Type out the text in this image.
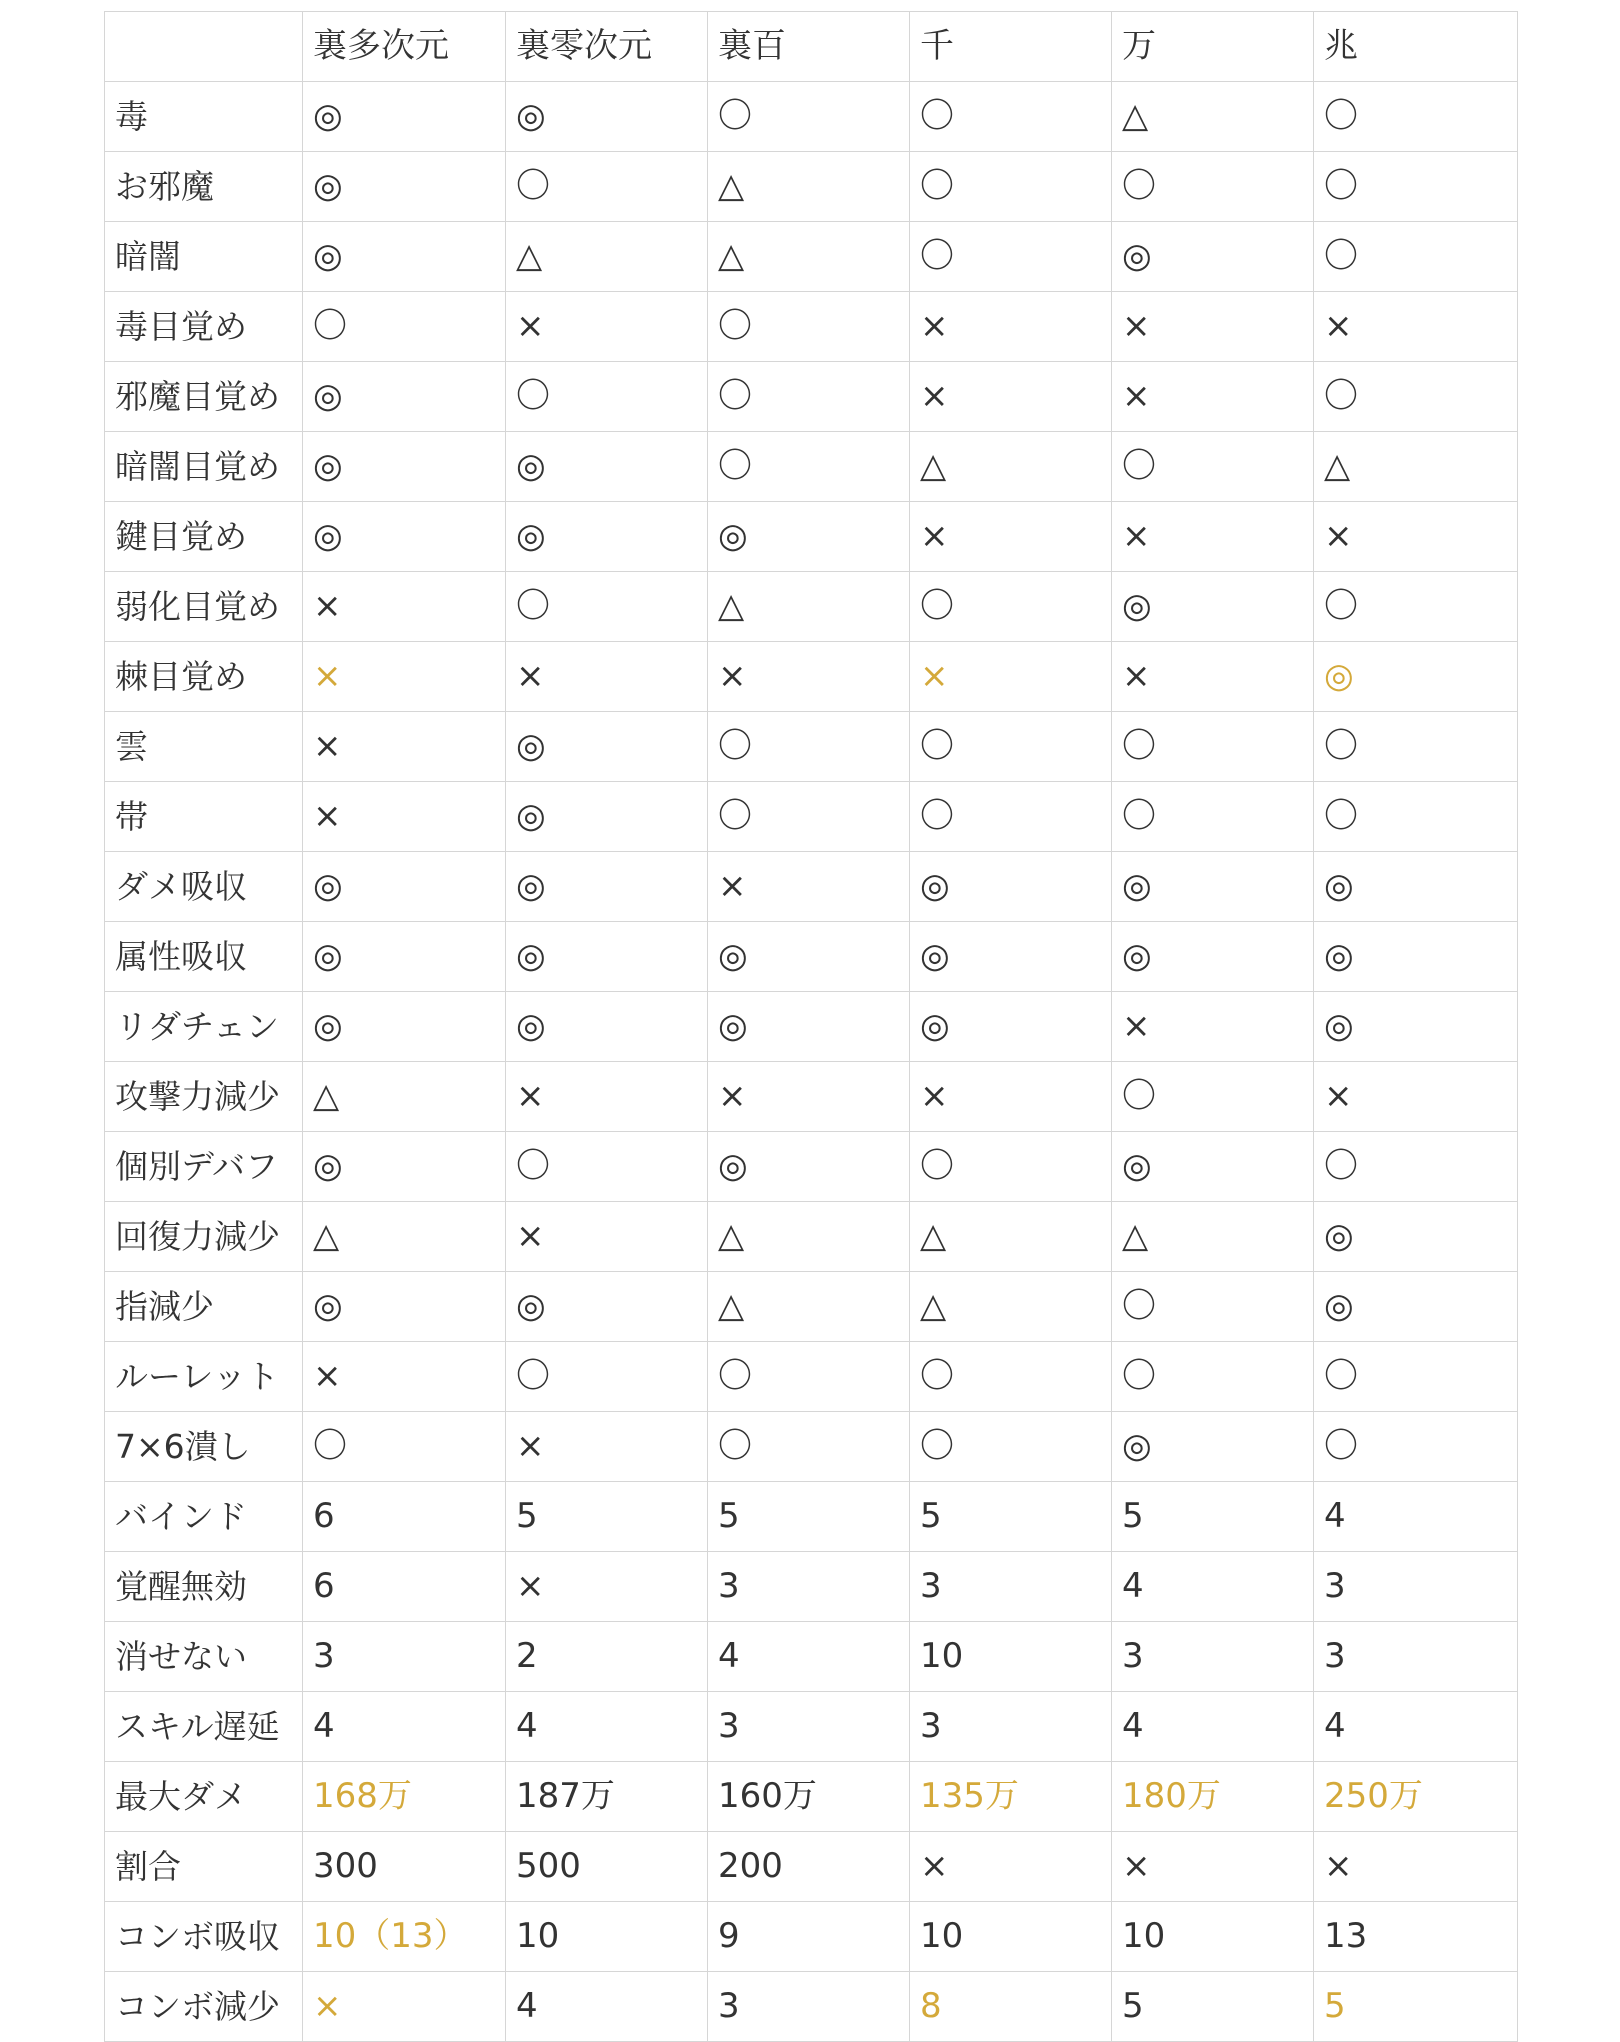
	裏多次元	裏零次元	裏百	千	万	兆
毒	◎	◎	〇	〇	△	〇
お邪魔	◎	〇	△	〇	〇	〇
暗闇	◎	△	△	〇	◎	〇
毒目覚め	〇	×	〇	×	×	×
邪魔目覚め	◎	〇	〇	×	×	〇
暗闇目覚め	◎	◎	〇	△	〇	△
鍵目覚め	◎	◎	◎	×	×	×
弱化目覚め	×	〇	△	〇	◎	〇
棘目覚め	×	×	×	×	×	◎
雲	×	◎	〇	〇	〇	〇
帯	×	◎	〇	〇	〇	〇
ダメ吸収	◎	◎	×	◎	◎	◎
属性吸収	◎	◎	◎	◎	◎	◎
リダチェン	◎	◎	◎	◎	×	◎
攻撃力減少	△	×	×	×	〇	×
個別デバフ	◎	〇	◎	〇	◎	〇
回復力減少	△	×	△	△	△	◎
指減少	◎	◎	△	△	〇	◎
ルーレット	×	〇	〇	〇	〇	〇
7×6潰し	〇	×	〇	〇	◎	〇
バインド	6	5	5	5	5	4
覚醒無効	6	×	3	3	4	3
消せない	3	2	4	10	3	3
スキル遅延	4	4	3	3	4	4
最大ダメ	168万	187万	160万	135万	180万	250万
割合	300	500	200	×	×	×
コンボ吸収	10（13）	10	9	10	10	13
コンボ減少	×	4	3	8	5	5
